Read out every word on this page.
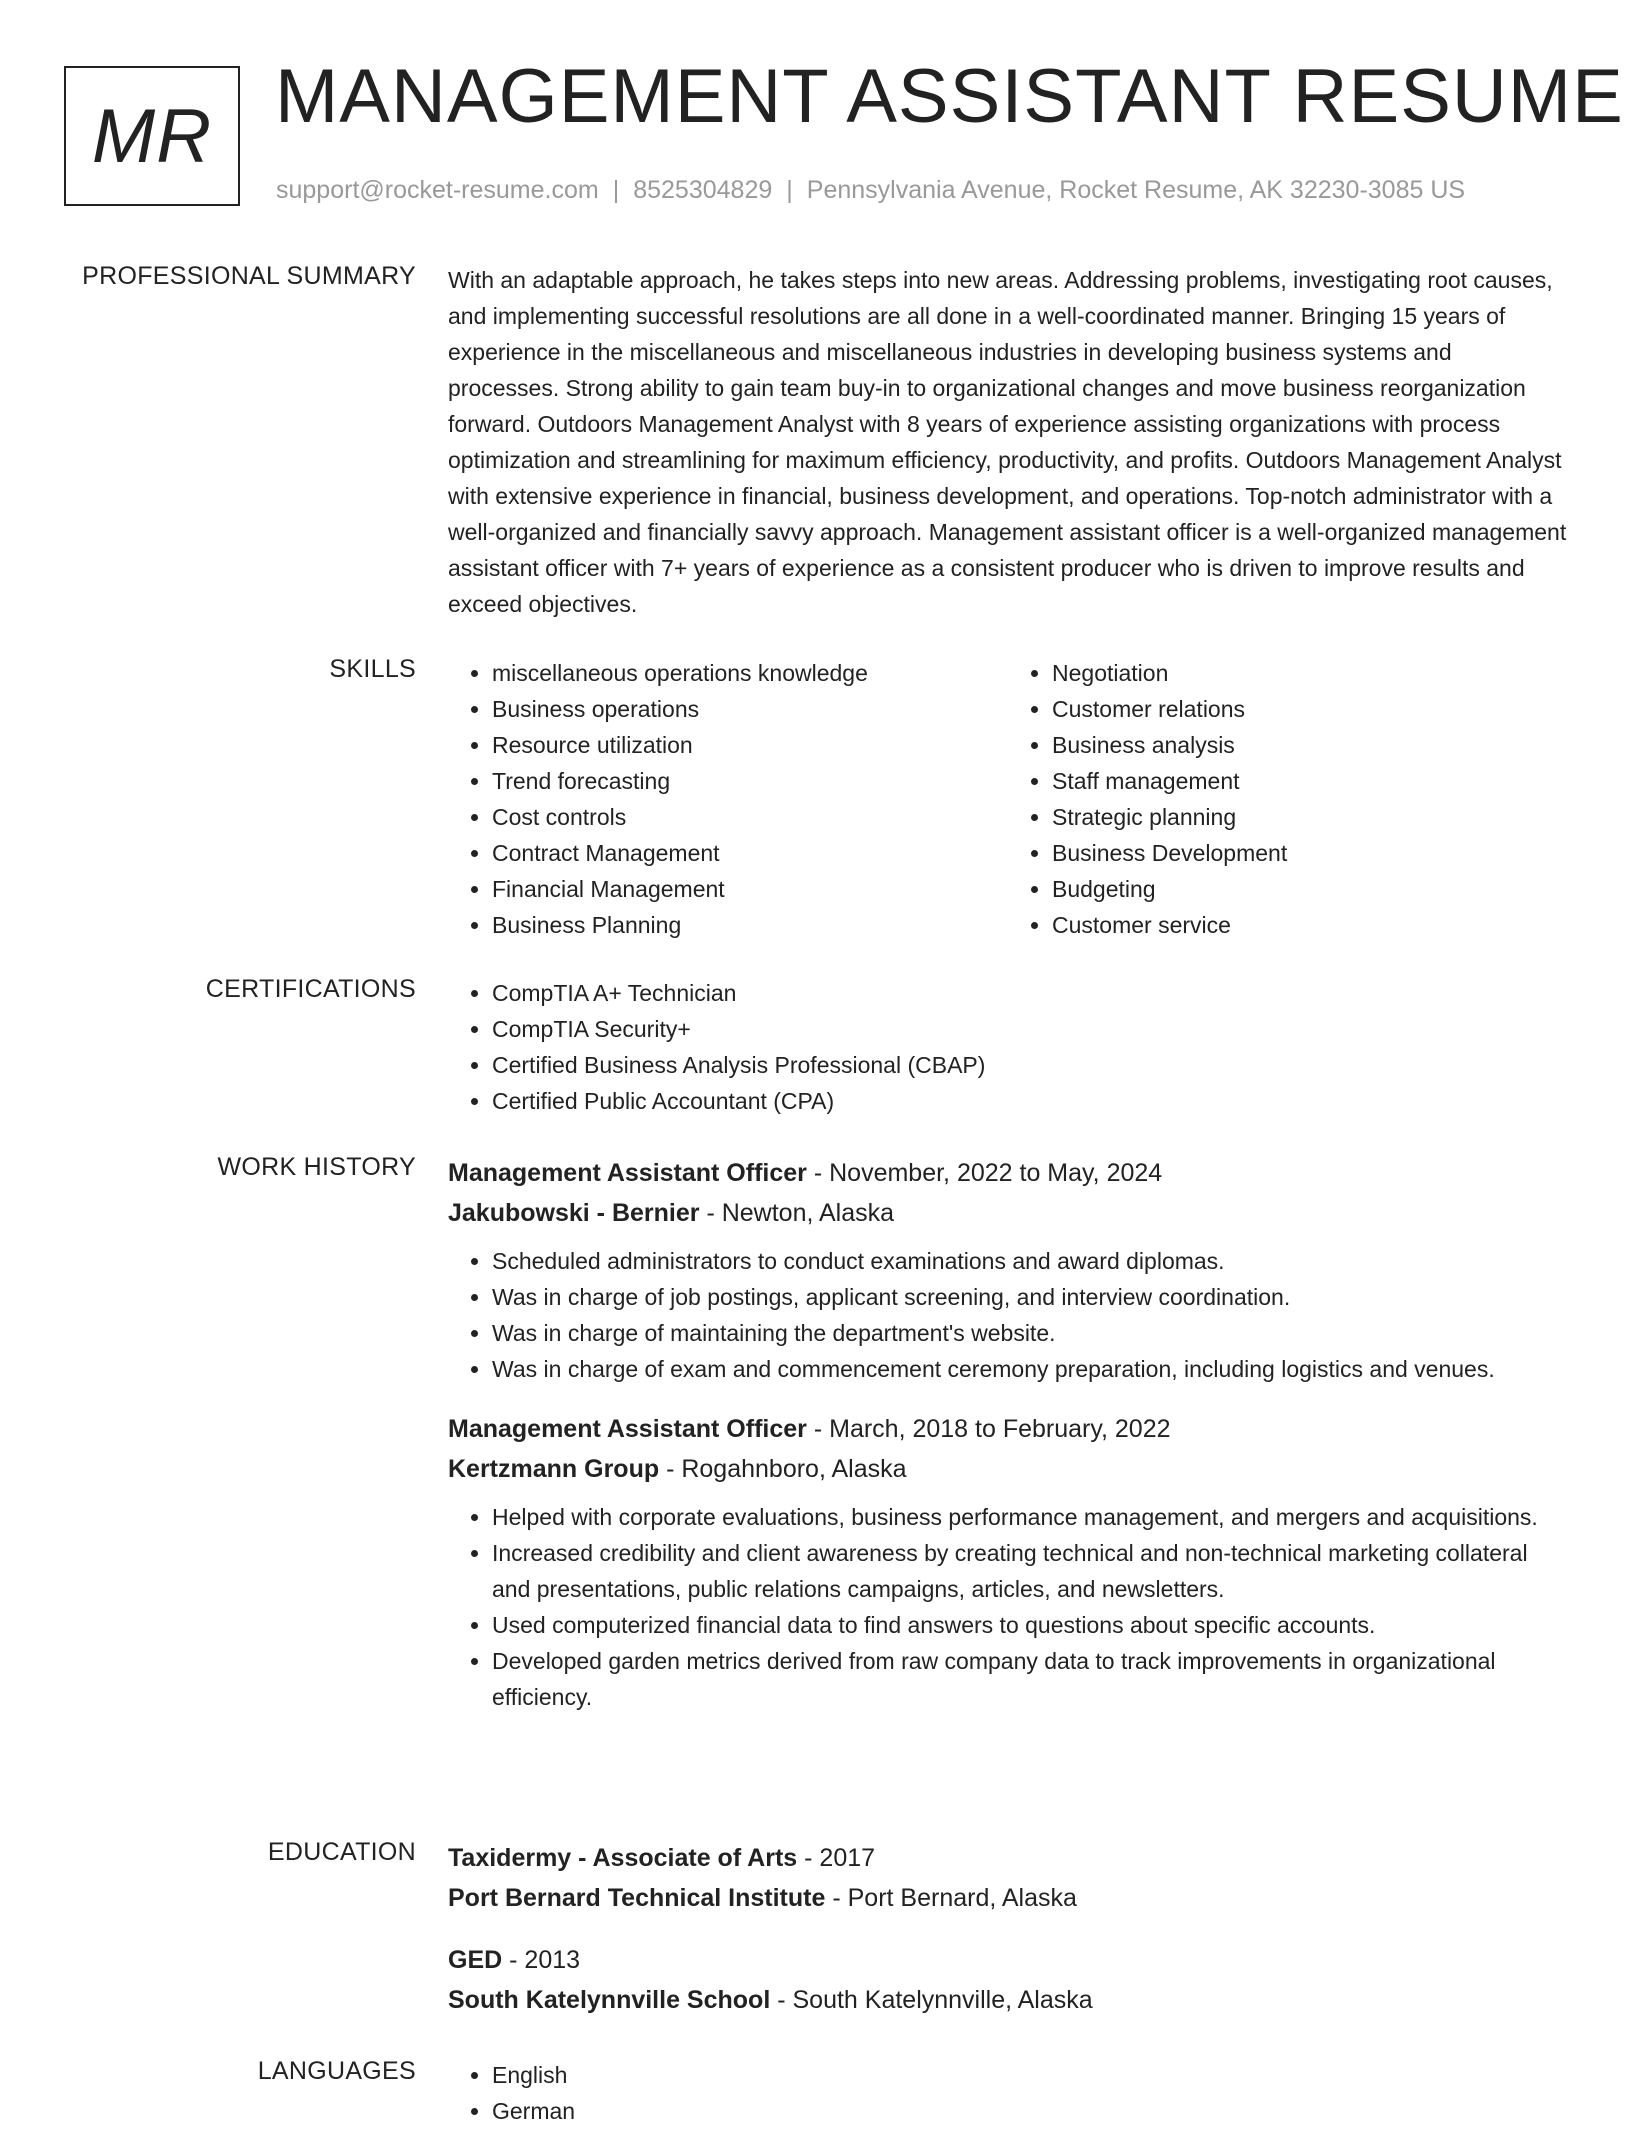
MR MANAGEMENT ASSISTANT RESUME
support@rocket-resume.com | 8525304829 | Pennsylvania Avenue, Rocket Resume, AK 32230-3085 US
PROFESSIONAL SUMMARY With an adaptable approach, he takes steps into new areas. Addressing problems, investigating root causes, and implementing successful resolutions are all done in a well-coordinated manner. Bringing 15 years of experience in the miscellaneous and miscellaneous industries in developing business systems and processes. Strong ability to gain team buy-in to organizational changes and move business reorganization forward. Outdoors Management Analyst with 8 years of experience assisting organizations with process optimization and streamlining for maximum efficiency, productivity, and profits. Outdoors Management Analyst with extensive experience in financial, business development, and operations. Top-notch administrator with a well-organized and financially savvy approach. Management assistant officer is a well-organized management assistant officer with 7+ years of experience as a consistent producer who is driven to improve results and exceed objectives.

SKILLS	• miscellaneous operations knowledge
• Business operations
• Resource utilization
• Trend forecasting
• Cost controls
• Contract Management
• Financial Management
• Business Planning
• Negotiation
• Customer relations
• Business analysis
• Staff management
• Strategic planning
• Business Development
• Budgeting
• Customer service
CERTIFICATIONS	• CompTIA A+ Technician
• CompTIA Security+
• Certified Business Analysis Professional (CBAP)
• Certified Public Accountant (CPA)
WORK HISTORY Management Assistant Officer - November, 2022 to May, 2024
Jakubowski - Bernier - Newton, Alaska
• Scheduled administrators to conduct examinations and award diplomas.
• Was in charge of job postings, applicant screening, and interview coordination.
• Was in charge of maintaining the department's website.
• Was in charge of exam and commencement ceremony preparation, including logistics and venues.
Management Assistant Officer - March, 2018 to February, 2022
Kertzmann Group - Rogahnboro, Alaska
• Helped with corporate evaluations, business performance management, and mergers and acquisitions.
• Increased credibility and client awareness by creating technical and non-technical marketing collateral and presentations, public relations campaigns, articles, and newsletters.
• Used computerized financial data to find answers to questions about specific accounts.
• Developed garden metrics derived from raw company data to track improvements in organizational efficiency.
EDUCATION Taxidermy - Associate of Arts - 2017
Port Bernard Technical Institute - Port Bernard, Alaska
GED - 2013
South Katelynnville School - South Katelynnville, Alaska
LANGUAGES	• English
• German
